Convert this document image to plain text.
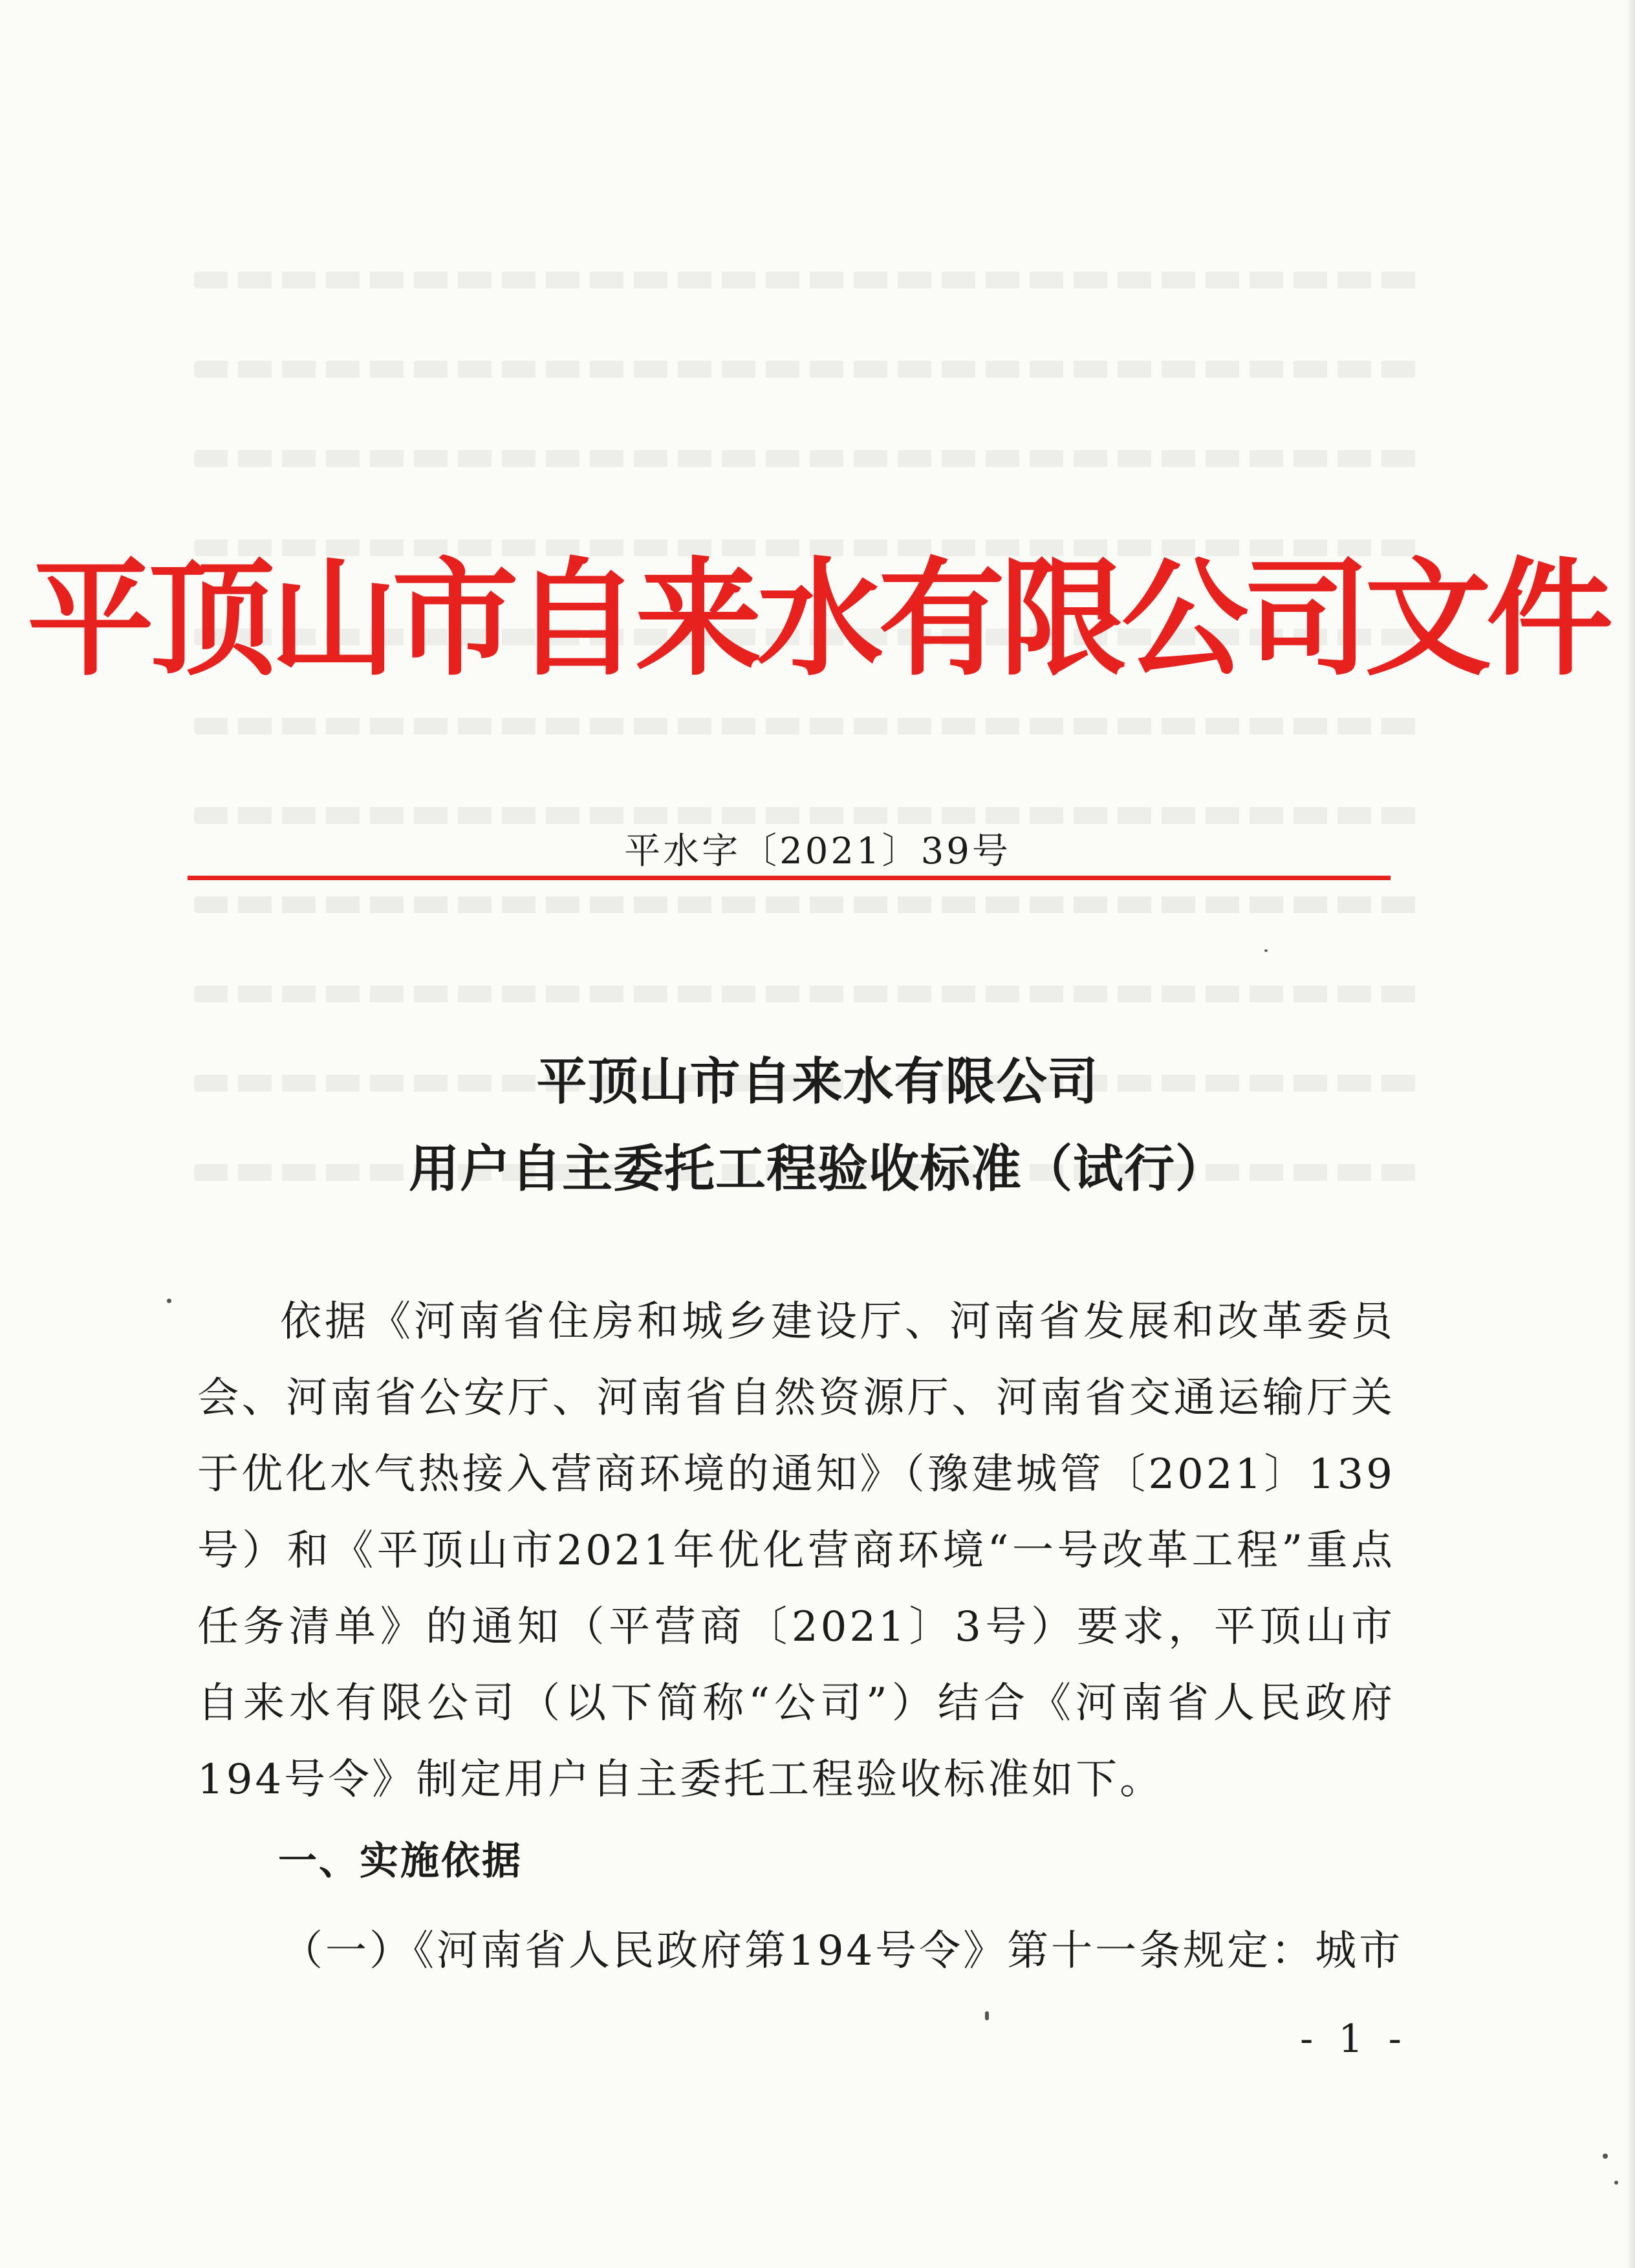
平顶山市自来水有限公司文件
平水字〔2021〕39号
平顶山市自来水有限公司
用户自主委托工程验收标准（试行）

依据《河南省住房和城乡建设厅、河南省发展和改革委员会、河南省公安厅、河南省自然资源厅、河南省交通运输厅关于优化水气热接入营商环境的通知》（豫建城管〔2021〕139号）和《平顶山市2021年优化营商环境“一号改革工程”重点任务清单》的通知（平营商〔2021〕3号）要求，平顶山市自来水有限公司（以下简称“公司”）结合《河南省人民政府194号令》制定用户自主委托工程验收标准如下。

一、实施依据
（一）《河南省人民政府第194号令》第十一条规定：城市
- 1 -
